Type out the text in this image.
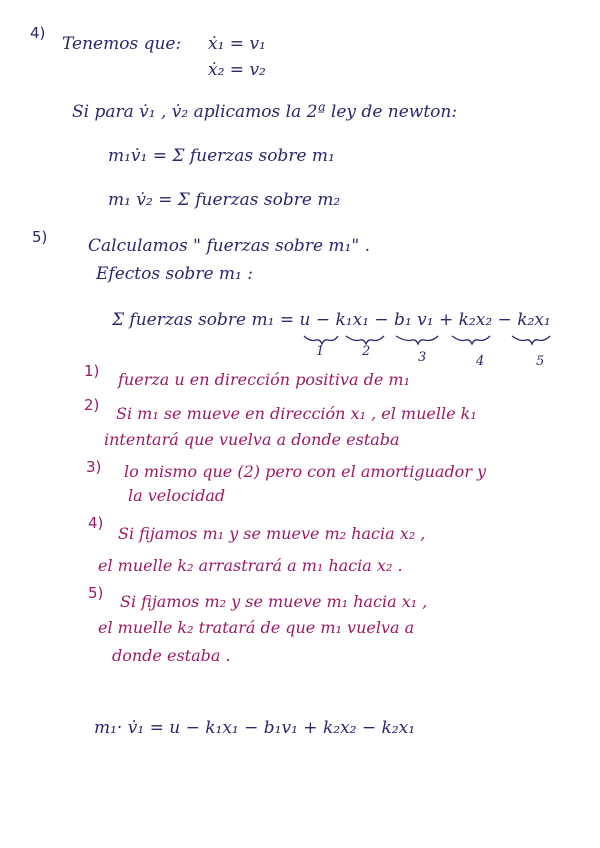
4)
Tenemos que: ẋ₁ = v₁
ẋ₂ = v₂
Si para v̇₁ , v̇₂ aplicamos la 2ª ley de newton:
m₁v̇₁ = Σ fuerzas sobre m₁
m₁ v̇₂ = Σ fuerzas sobre m₂
5) Calculamos " fuerzas sobre m₁" .
Efectos sobre m₁ :
Σ fuerzas sobre m₁ = u − k₁x₁ − b₁ v₁ + k₂x₂ − k₂x₁
1	2	3	4	5
1) fuerza u en dirección positiva de m₁
2) Si m₁ se mueve en dirección x₁ , el muelle k₁
intentará que vuelva a donde estaba
3) lo mismo que (2) pero con el amortiguador y
la velocidad
4)
Si fijamos m₁ y se mueve m₂ hacia x₂ ,
el muelle k₂ arrastrará a m₁ hacia x₂ .
5) Si fijamos m₂ y se mueve m₁ hacia x₁ ,
el muelle k₂ tratará de que m₁ vuelva a
donde estaba .
m₁· v̇₁ = u − k₁x₁ − b₁v₁ + k₂x₂ − k₂x₁
